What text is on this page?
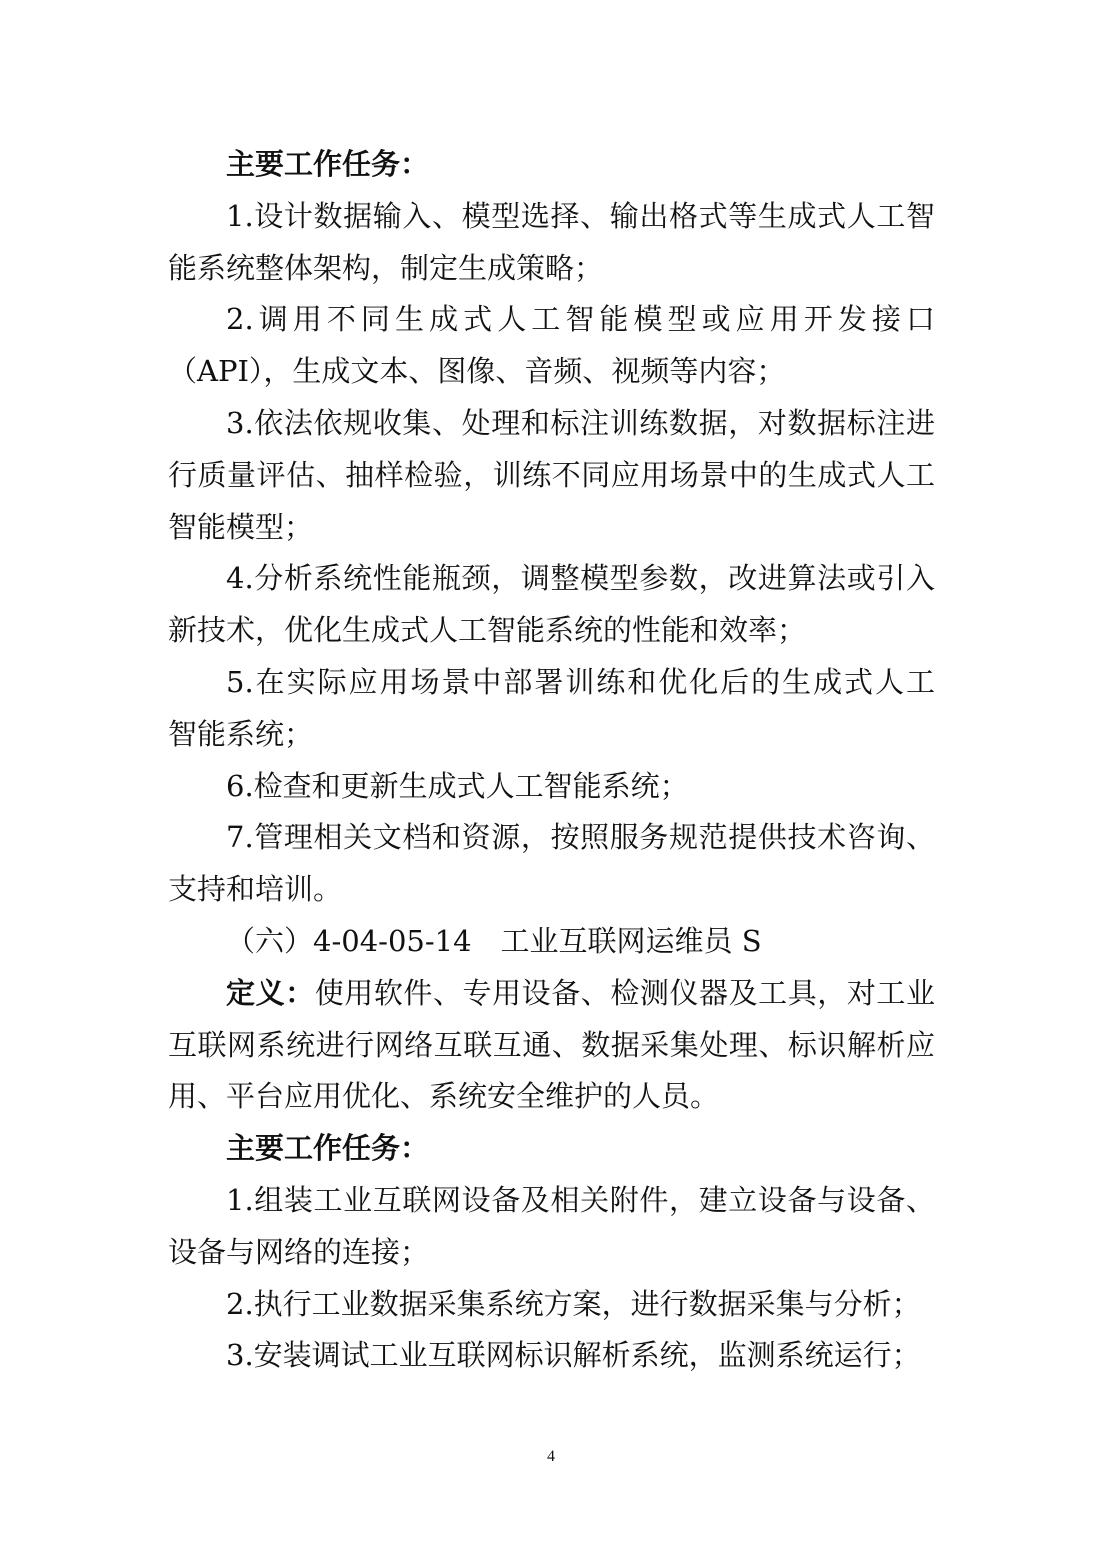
主要工作任务：
1.设计数据输入、模型选择、输出格式等生成式人工智
能系统整体架构，制定生成策略；
2.调用不同生成式人工智能模型或应用开发接口
（API），生成文本、图像、音频、视频等内容；
3.依法依规收集、处理和标注训练数据，对数据标注进
行质量评估、抽样检验，训练不同应用场景中的生成式人工
智能模型；
4.分析系统性能瓶颈，调整模型参数，改进算法或引入
新技术，优化生成式人工智能系统的性能和效率；
5.在实际应用场景中部署训练和优化后的生成式人工
智能系统；
6.检查和更新生成式人工智能系统；
7.管理相关文档和资源，按照服务规范提供技术咨询、
支持和培训。
（六）4-04-05-14　工业互联网运维员 S
定义：使用软件、专用设备、检测仪器及工具，对工业
互联网系统进行网络互联互通、数据采集处理、标识解析应
用、平台应用优化、系统安全维护的人员。
主要工作任务：
1.组装工业互联网设备及相关附件，建立设备与设备、
设备与网络的连接；
2.执行工业数据采集系统方案，进行数据采集与分析；
3.安装调试工业互联网标识解析系统，监测系统运行；
4
